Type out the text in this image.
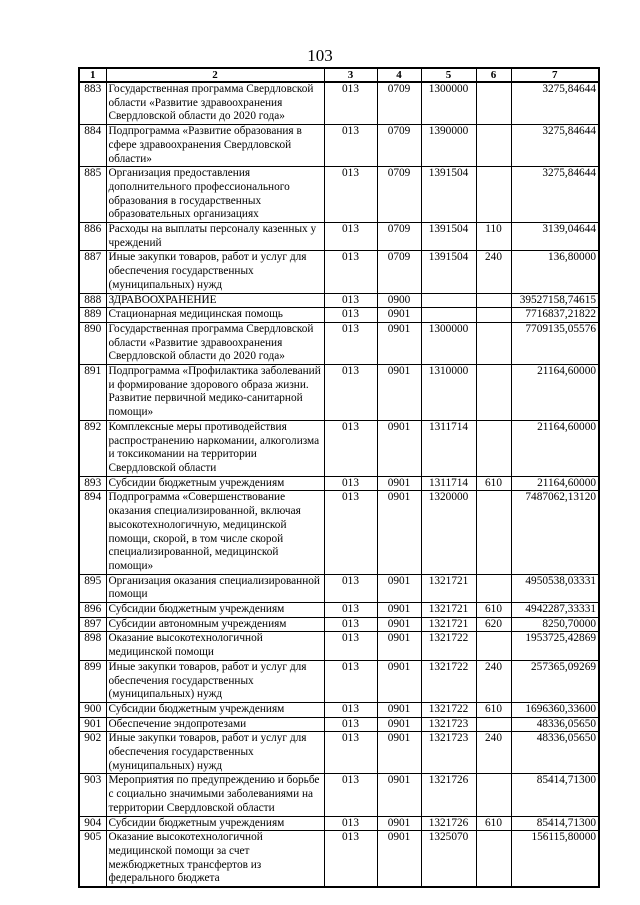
103
1	2	3	4	5	6	7
883	Государственная программа Свердловской области «Развитие здравоохранения Свердловской области до 2020 года»	013	0709	1300000		3275,84644
884	Подпрограмма «Развитие образования в сфере здравоохранения Свердловской области»	013	0709	1390000		3275,84644
885	Организация предоставления дополнительного профессионального образования в государственных образовательных организациях	013	0709	1391504		3275,84644
886	Расходы на выплаты персоналу казенных у чреждений	013	0709	1391504	110	3139,04644
887	Иные закупки товаров, работ и услуг для обеспечения государственных (муниципальных) нужд	013	0709	1391504	240	136,80000
888	ЗДРАВООХРАНЕНИЕ	013	0900			39527158,74615
889	Стационарная медицинская помощь	013	0901			7716837,21822
890	Государственная программа Свердловской области «Развитие здравоохранения Свердловской области до 2020 года»	013	0901	1300000		7709135,05576
891	Подпрограмма «Профилактика заболеваний и формирование здорового образа жизни. Развитие первичной медико-санитарной помощи»	013	0901	1310000		21164,60000
892	Комплексные меры противодействия распространению наркомании, алкоголизма и токсикомании на территории Свердловской области	013	0901	1311714		21164,60000
893	Субсидии бюджетным учреждениям	013	0901	1311714	610	21164,60000
894	Подпрограмма «Совершенствование оказания специализированной, включая высокотехнологичную, медицинской помощи, скорой, в том числе скорой специализированной, медицинской помощи»	013	0901	1320000		7487062,13120
895	Организация оказания специализированной помощи	013	0901	1321721		4950538,03331
896	Субсидии бюджетным учреждениям	013	0901	1321721	610	4942287,33331
897	Субсидии автономным учреждениям	013	0901	1321721	620	8250,70000
898	Оказание высокотехнологичной медицинской помощи	013	0901	1321722		1953725,42869
899	Иные закупки товаров, работ и услуг для обеспечения государственных (муниципальных) нужд	013	0901	1321722	240	257365,09269
900	Субсидии бюджетным учреждениям	013	0901	1321722	610	1696360,33600
901	Обеспечение эндопротезами	013	0901	1321723		48336,05650
902	Иные закупки товаров, работ и услуг для обеспечения государственных (муниципальных) нужд	013	0901	1321723	240	48336,05650
903	Мероприятия по предупреждению и борьбе с социально значимыми заболеваниями на территории Свердловской области	013	0901	1321726		85414,71300
904	Субсидии бюджетным учреждениям	013	0901	1321726	610	85414,71300
905	Оказание высокотехнологичной медицинской помощи за счет межбюджетных трансфертов из федерального бюджета	013	0901	1325070		156115,80000
